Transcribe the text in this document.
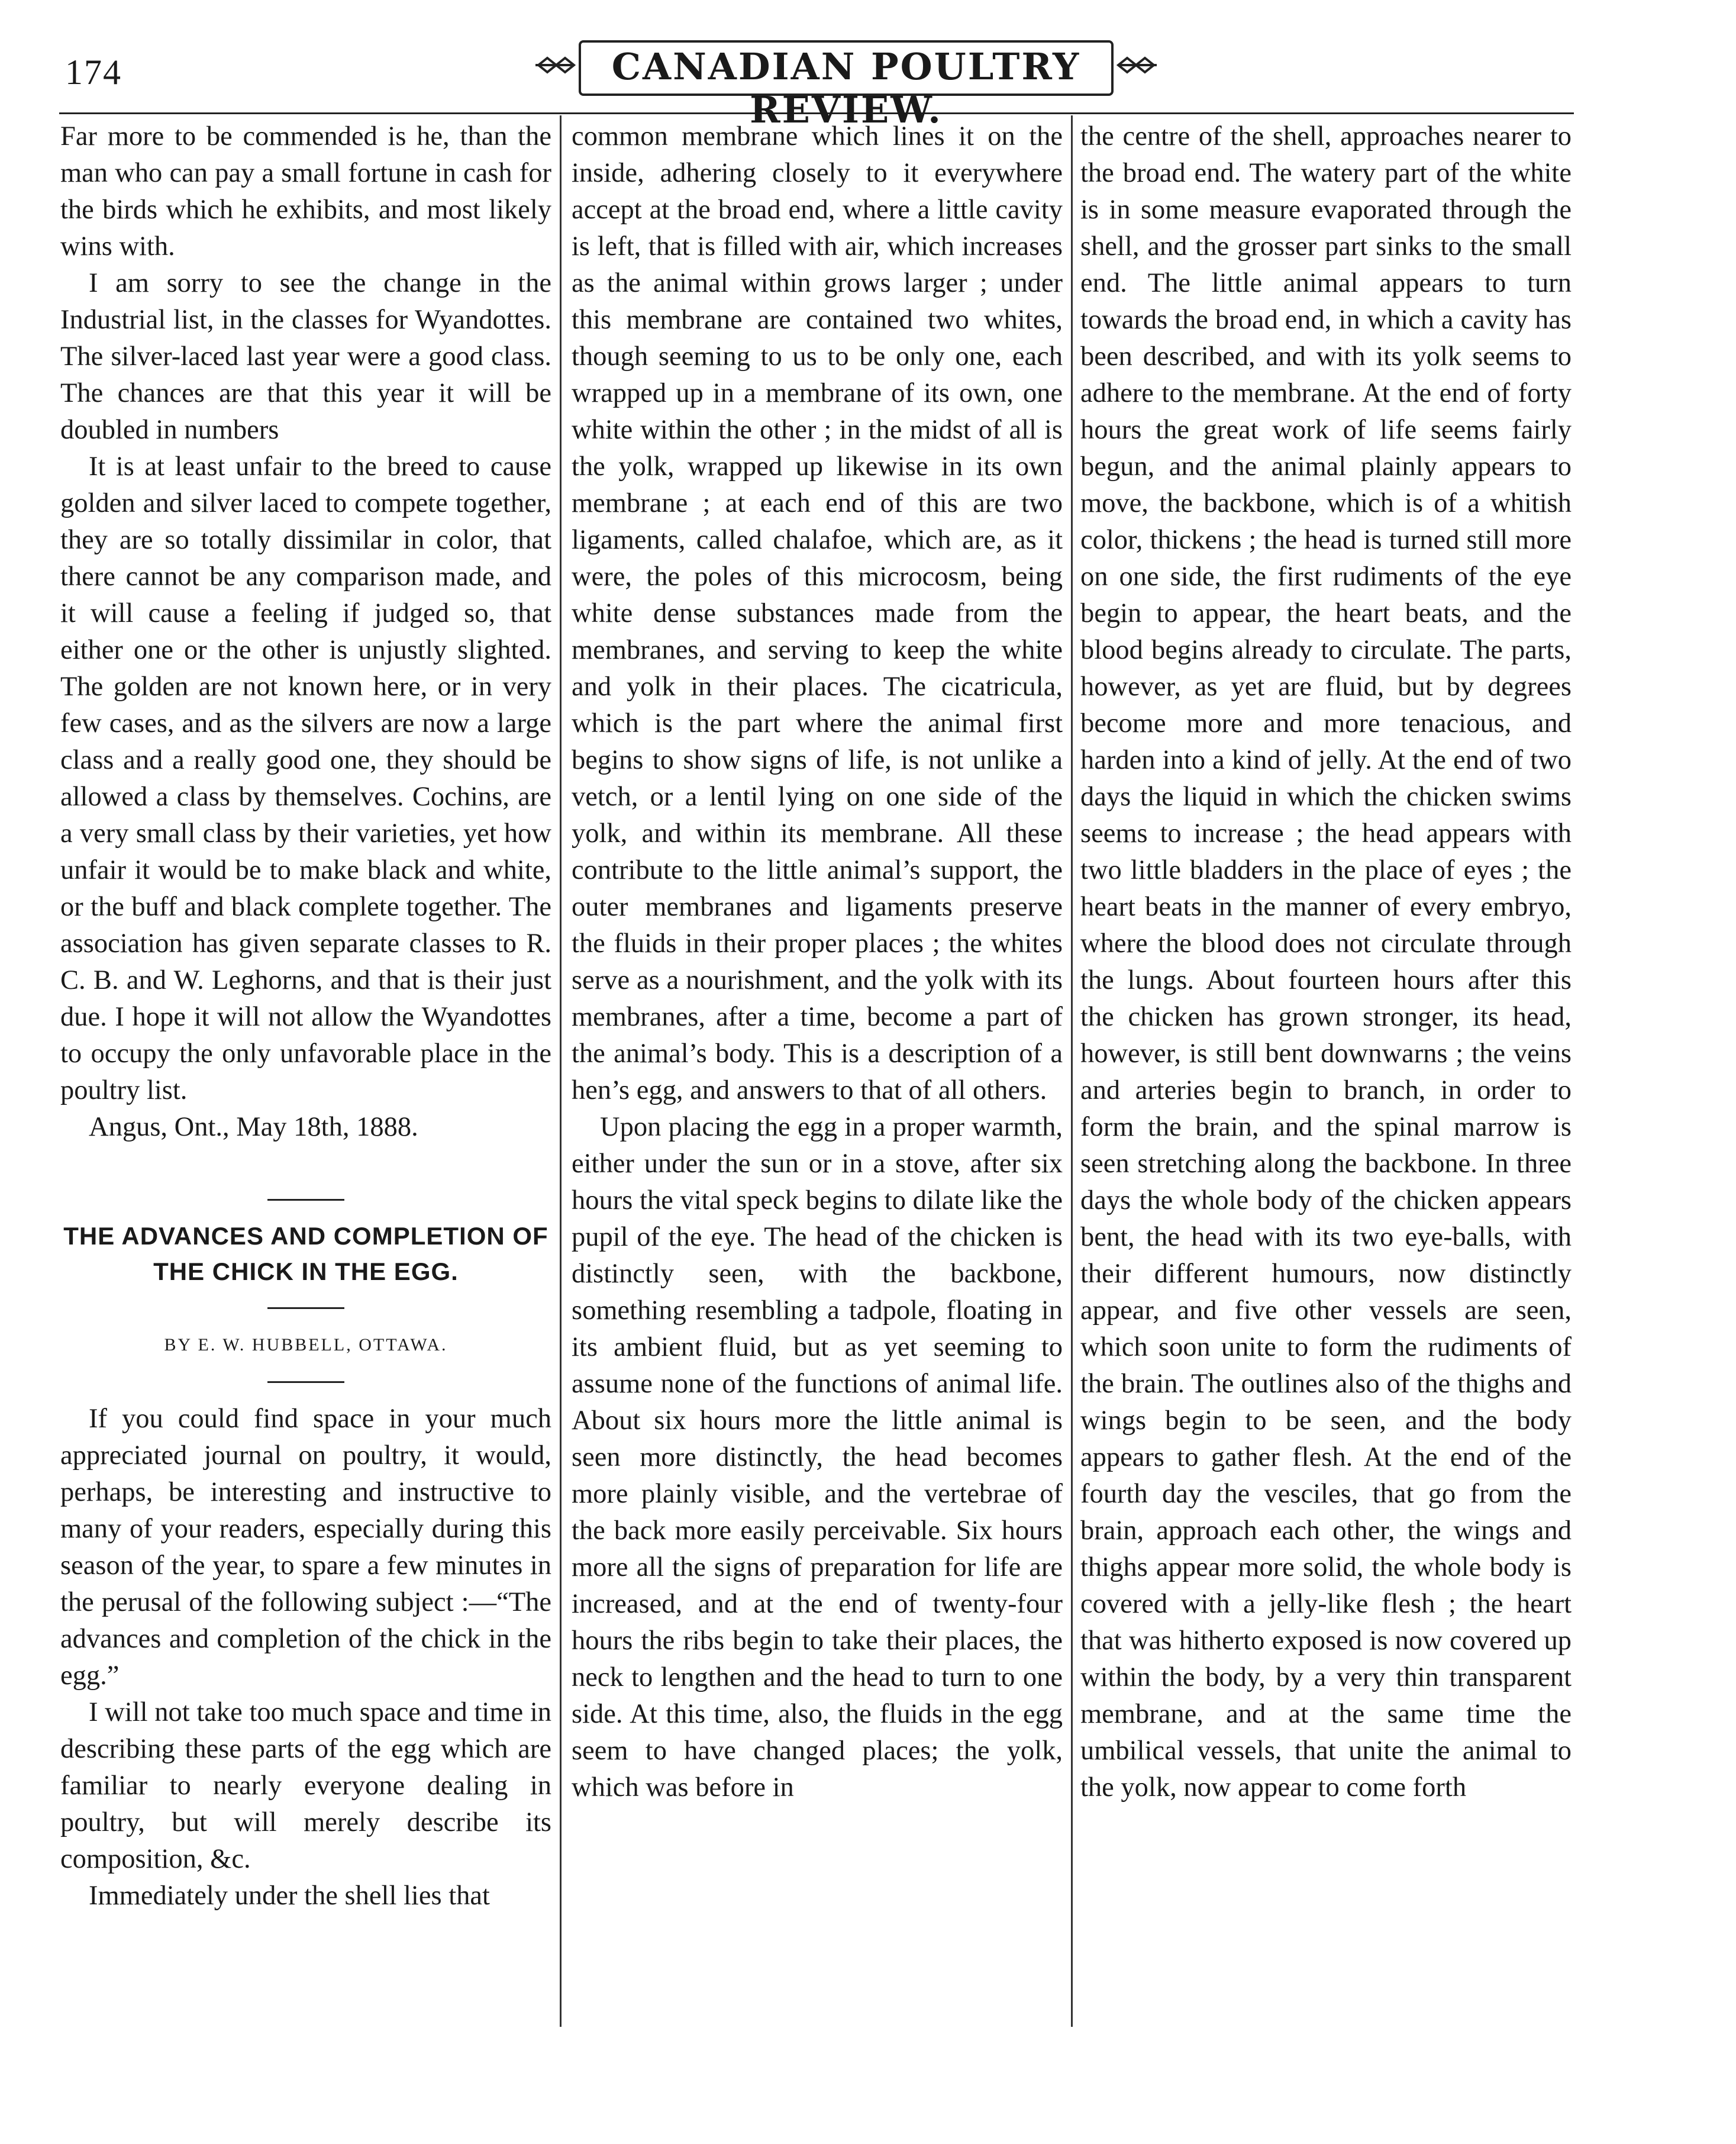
174	CANADIAN POULTRY REVIEW.

Far more to be commended is he, than the man who can pay a small fortune in cash for the birds which he exhibits, and most likely wins with.

I am sorry to see the change in the Industrial list, in the classes for Wyandottes. The silver-laced last year were a good class. The chances are that this year it will be doubled in numbers

It is at least unfair to the breed to cause golden and silver laced to compete together, they are so totally dissimilar in color, that there cannot be any comparison made, and it will cause a feeling if judged so, that either one or the other is unjustly slighted. The golden are not known here, or in very few cases, and as the silvers are now a large class and a really good one, they should be allowed a class by themselves. Cochins, are a very small class by their varieties, yet how unfair it would be to make black and white, or the buff and black complete together. The association has given separate classes to R. C. B. and W. Leghorns, and that is their just due. I hope it will not allow the Wyandottes to occupy the only unfavorable place in the poultry list.

Angus, Ont., May 18th, 1888.

THE ADVANCES AND COMPLETION OF THE CHICK IN THE EGG.
BY E. W. HUBBELL, OTTAWA.

If you could find space in your much appreciated journal on poultry, it would, perhaps, be interesting and instructive to many of your readers, especially during this season of the year, to spare a few minutes in the perusal of the following subject :—“The advances and completion of the chick in the egg.”

I will not take too much space and time in describing these parts of the egg which are familiar to nearly everyone dealing in poultry, but will merely describe its composition, &c.

Immediately under the shell lies that

common membrane which lines it on the inside, adhering closely to it everywhere accept at the broad end, where a little cavity is left, that is filled with air, which increases as the animal within grows larger ; under this membrane are contained two whites, though seeming to us to be only one, each wrapped up in a membrane of its own, one white within the other ; in the midst of all is the yolk, wrapped up likewise in its own membrane ; at each end of this are two ligaments, called chalafoe, which are, as it were, the poles of this microcosm, being white dense substances made from the membranes, and serving to keep the white and yolk in their places. The cicatricula, which is the part where the animal first begins to show signs of life, is not unlike a vetch, or a lentil lying on one side of the yolk, and within its membrane. All these contribute to the little animal’s support, the outer membranes and ligaments preserve the fluids in their proper places ; the whites serve as a nourishment, and the yolk with its membranes, after a time, become a part of the animal’s body. This is a description of a hen’s egg, and answers to that of all others.

Upon placing the egg in a proper warmth, either under the sun or in a stove, after six hours the vital speck begins to dilate like the pupil of the eye. The head of the chicken is distinctly seen, with the backbone, something resembling a tadpole, floating in its ambient fluid, but as yet seeming to assume none of the functions of animal life. About six hours more the little animal is seen more distinctly, the head becomes more plainly visible, and the vertebrae of the back more easily perceivable. Six hours more all the signs of preparation for life are increased, and at the end of twenty-four hours the ribs begin to take their places, the neck to lengthen and the head to turn to one side. At this time, also, the fluids in the egg seem to have changed places; the yolk, which was before in

the centre of the shell, approaches nearer to the broad end. The watery part of the white is in some measure evaporated through the shell, and the grosser part sinks to the small end. The little animal appears to turn towards the broad end, in which a cavity has been described, and with its yolk seems to adhere to the membrane. At the end of forty hours the great work of life seems fairly begun, and the animal plainly appears to move, the backbone, which is of a whitish color, thickens ; the head is turned still more on one side, the first rudiments of the eye begin to appear, the heart beats, and the blood begins already to circulate. The parts, however, as yet are fluid, but by degrees become more and more tenacious, and harden into a kind of jelly. At the end of two days the liquid in which the chicken swims seems to increase ; the head appears with two little bladders in the place of eyes ; the heart beats in the manner of every embryo, where the blood does not circulate through the lungs. About fourteen hours after this the chicken has grown stronger, its head, however, is still bent downwarns ; the veins and arteries begin to branch, in order to form the brain, and the spinal marrow is seen stretching along the backbone. In three days the whole body of the chicken appears bent, the head with its two eye-balls, with their different humours, now distinctly appear, and five other vessels are seen, which soon unite to form the rudiments of the brain. The outlines also of the thighs and wings begin to be seen, and the body appears to gather flesh. At the end of the fourth day the vesciles, that go from the brain, approach each other, the wings and thighs appear more solid, the whole body is covered with a jelly-like flesh ; the heart that was hitherto exposed is now covered up within the body, by a very thin transparent membrane, and at the same time the umbilical vessels, that unite the animal to the yolk, now appear to come forth
